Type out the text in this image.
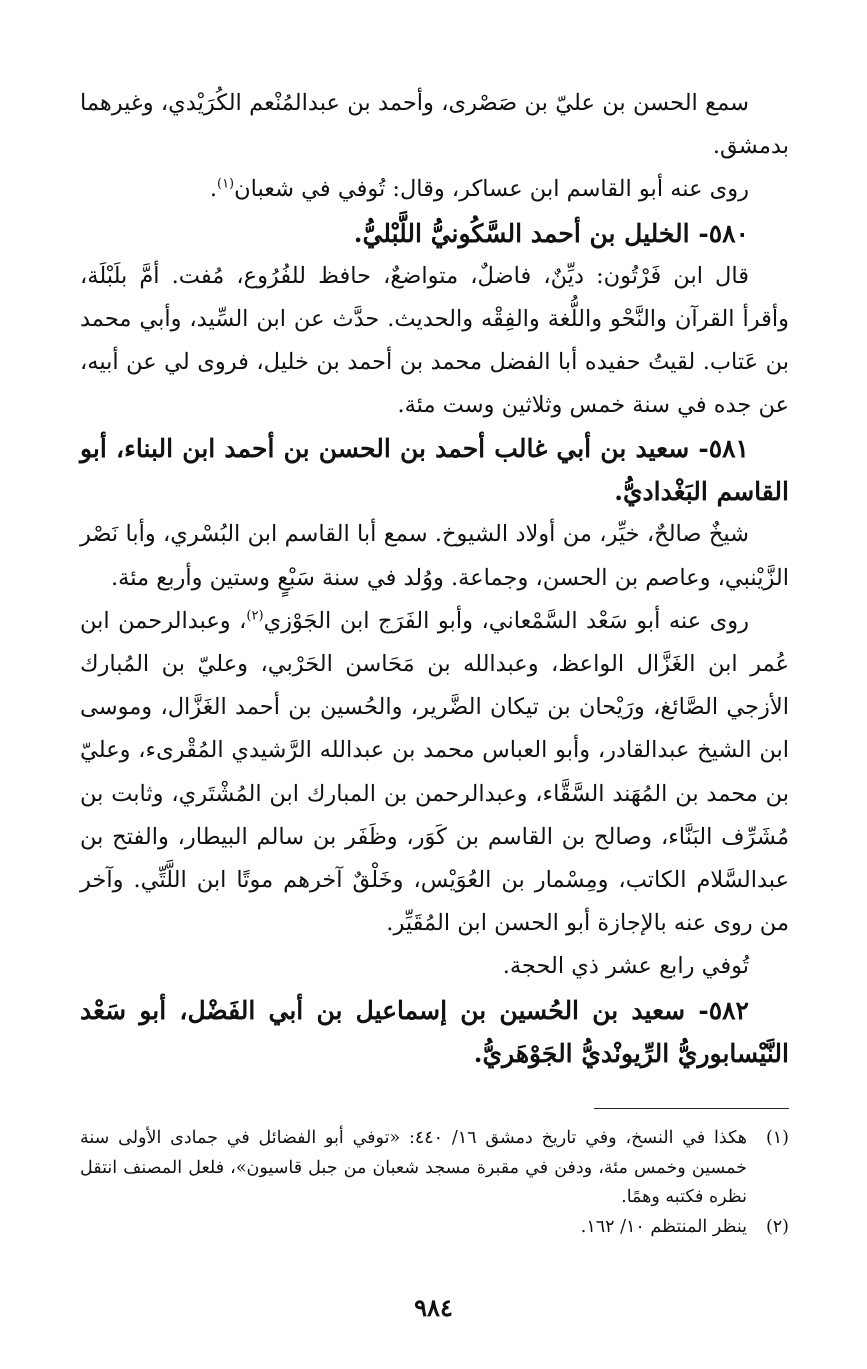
سمع الحسن بن عليّ بن صَصْرى، وأحمد بن عبدالمُنْعم الكُرَيْدي، وغيرهما بدمشق.

روى عنه أبو القاسم ابن عساكر، وقال: تُوفي في شعبان$^{(١)}$.

٥٨٠- الخليل بن أحمد السَّكُونيُّ اللَّبْليُّ.

قال ابن فَرْتُون: ديِّنٌ، فاضلٌ، متواضعٌ، حافظ للفُرُوع، مُفت. أمَّ بلَبْلَة، وأقرأ القرآن والنَّحْو واللُّغة والفِقْه والحديث. حدَّث عن ابن السِّيد، وأبي محمد بن عَتاب. لقيتُ حفيده أبا الفضل محمد بن أحمد بن خليل، فروى لي عن أبيه، عن جده في سنة خمس وثلاثين وست مئة.

٥٨١- سعيد بن أبي غالب أحمد بن الحسن بن أحمد ابن البناء، أبو القاسم البَغْداديُّ.

شيخٌ صالحٌ، خيِّر، من أولاد الشيوخ. سمع أبا القاسم ابن البُسْري، وأبا نَصْر الزَّيْنبي، وعاصم بن الحسن، وجماعة. ووُلد في سنة سَبْعٍ وستين وأربع مئة.

روى عنه أبو سَعْد السَّمْعاني، وأبو الفَرَج ابن الجَوْزي$^{(٢)}$، وعبدالرحمن ابن عُمر ابن الغَزَّال الواعظ، وعبدالله بن مَحَاسن الحَرْبي، وعليّ بن المُبارك الأزجي الصَّائغ، ورَيْحان بن تيكان الضَّرير، والحُسين بن أحمد الغَزَّال، وموسى ابن الشيخ عبدالقادر، وأبو العباس محمد بن عبدالله الرَّشيدي المُقْرىء، وعليّ بن محمد بن المُهَند السَّقَّاء، وعبدالرحمن بن المبارك ابن المُشْتَري، وثابت بن مُشَرِّف البَنَّاء، وصالح بن القاسم بن كَوَر، وظَفَر بن سالم البيطار، والفتح بن عبدالسَّلام الكاتب، ومِسْمار بن العُوَيْس، وخَلْقٌ آخرهم موتًا ابن اللَّتِّي. وآخر من روى عنه بالإجازة أبو الحسن ابن المُقَيِّر.

تُوفي رابع عشر ذي الحجة.

٥٨٢- سعيد بن الحُسين بن إسماعيل بن أبي الفَضْل، أبو سَعْد النَّيْسابوريُّ الرِّيونْديُّ الجَوْهَريُّ.

(١)
هكذا في النسخ، وفي تاريخ دمشق ١٦/ ٤٤٠: «توفي أبو الفضائل في جمادى الأولى سنة خمسين وخمس مئة، ودفن في مقبرة مسجد شعبان من جبل قاسيون»، فلعل المصنف انتقل نظره فكتبه وهمًا.
(٢)
ينظر المنتظم ١٠/ ١٦٢.
٩٨٤
